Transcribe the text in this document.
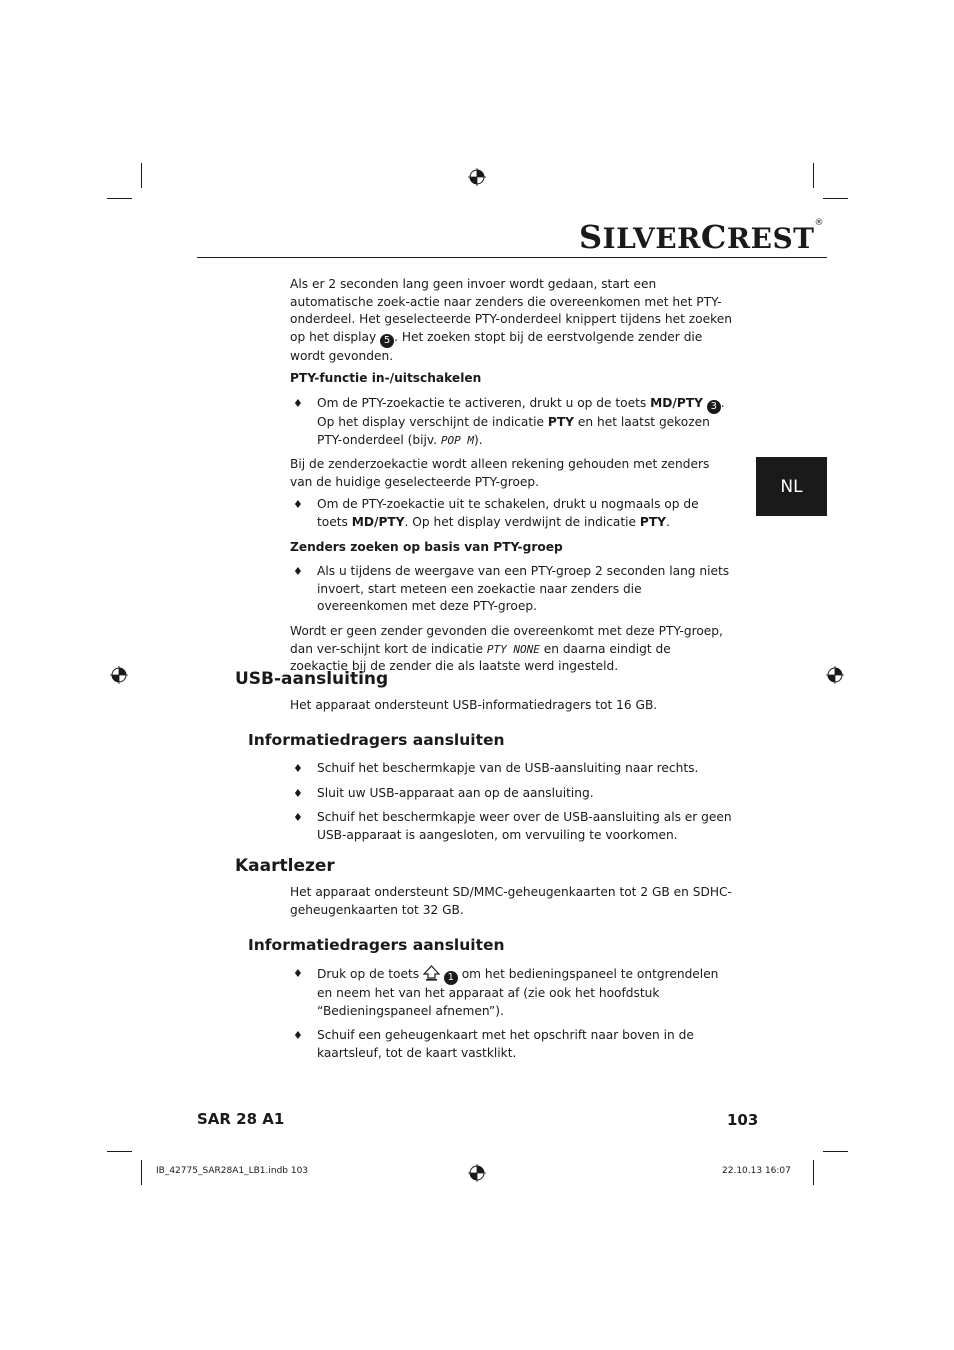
SILVERCREST®
NL

Als er 2 seconden lang geen invoer wordt gedaan, start een automatische zoek-actie naar zenders die overeenkomen met het PTY-onderdeel. Het geselecteerde PTY-onderdeel knippert tijdens het zoeken op het display 5 . Het zoeken stopt bij de eerstvolgende zender die wordt gevonden.

PTY-functie in-/uitschakelen
♦ Om de PTY-zoekactie te activeren, drukt u op de toets MD/PTY 3 . Op het display verschijnt de indicatie PTY en het laatst gekozen PTY-onderdeel (bijv. POP M).

Bij de zenderzoekactie wordt alleen rekening gehouden met zenders van de huidige geselecteerde PTY-groep.

♦ Om de PTY-zoekactie uit te schakelen, drukt u nogmaals op de toets MD/PTY. Op het display verdwijnt de indicatie PTY.
Zenders zoeken op basis van PTY-groep
♦ Als u tijdens de weergave van een PTY-groep 2 seconden lang niets invoert, start meteen een zoekactie naar zenders die overeenkomen met deze PTY-groep.

Wordt er geen zender gevonden die overeenkomt met deze PTY-groep, dan ver-schijnt kort de indicatie PTY NONE en daarna eindigt de zoekactie bij de zender die als laatste werd ingesteld.

USB-aansluiting

Het apparaat ondersteunt USB-informatiedragers tot 16 GB.

Informatiedragers aansluiten
♦ Schuif het beschermkapje van de USB-aansluiting naar rechts.
♦ Sluit uw USB-apparaat aan op de aansluiting.
♦ Schuif het beschermkapje weer over de USB-aansluiting als er geen USB-apparaat is aangesloten, om vervuiling te voorkomen.
Kaartlezer

Het apparaat ondersteunt SD/MMC-geheugenkaarten tot 2 GB en SDHC-geheugenkaarten tot 32 GB.

Informatiedragers aansluiten
♦ Druk op de toets  1 om het bedieningspaneel te ontgrendelen en neem het van het apparaat af (zie ook het hoofdstuk “Bedieningspaneel afnemen”).
♦ Schuif een geheugenkaart met het opschrift naar boven in de kaartsleuf, tot de kaart vastklikt.
SAR 28 A1	103
IB_42775_SAR28A1_LB1.indb 103	22.10.13 16:07
